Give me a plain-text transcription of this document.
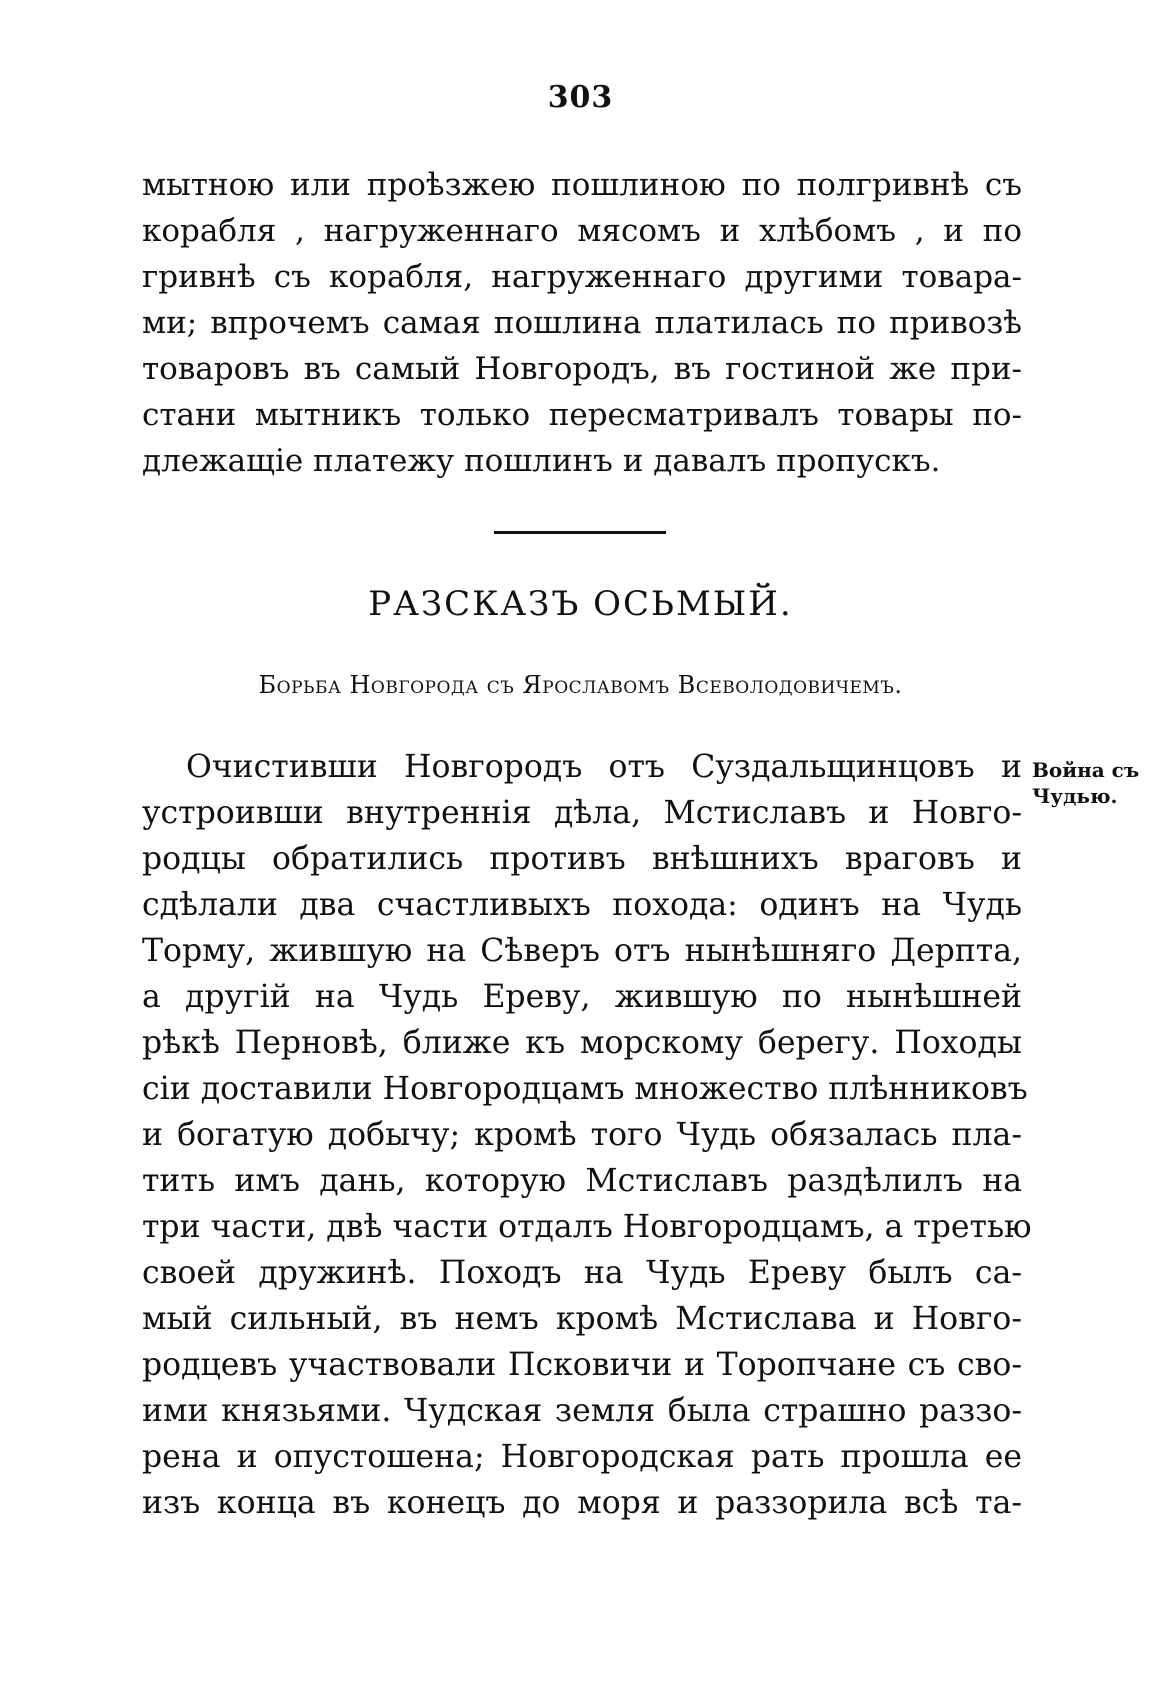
303
мытною или проѣзжею пошлиною по полгривнѣ съ
корабля , нагруженнаго мясомъ и хлѣбомъ , и по
гривнѣ съ корабля, нагруженнаго другими товара-
ми; впрочемъ самая пошлина платилась по привозѣ
товаровъ въ самый Новгородъ, въ гостиной же при-
стани мытникъ только пересматривалъ товары по-
длежащіе платежу пошлинъ и давалъ пропускъ.
РАЗСКАЗЪ ОСЬМЫЙ.
Борьба Новгорода съ Ярославомъ Всеволодовичемъ.
Очистивши Новгородъ отъ Суздальщинцовъ и
устроивши внутреннія дѣла, Мстиславъ и Новго-
родцы обратились противъ внѣшнихъ враговъ и
сдѣлали два счастливыхъ похода: одинъ на Чудь
Торму, жившую на Сѣверъ отъ нынѣшняго Дерпта,
а другій на Чудь Ереву, жившую по нынѣшней
рѣкѣ Перновѣ, ближе къ морскому берегу. Походы
сіи доставили Новгородцамъ множество плѣнниковъ
и богатую добычу; кромѣ того Чудь обязалась пла-
тить имъ дань, которую Мстиславъ раздѣлилъ на
три части, двѣ части отдалъ Новгородцамъ, а третью
своей дружинѣ. Походъ на Чудь Ереву былъ са-
мый сильный, въ немъ кромѣ Мстислава и Новго-
родцевъ участвовали Псковичи и Торопчане съ сво-
ими князьями. Чудская земля была страшно раззо-
рена и опустошена; Новгородская рать прошла ее
изъ конца въ конецъ до моря и раззорила всѣ та-
Война съ
Чудью.
